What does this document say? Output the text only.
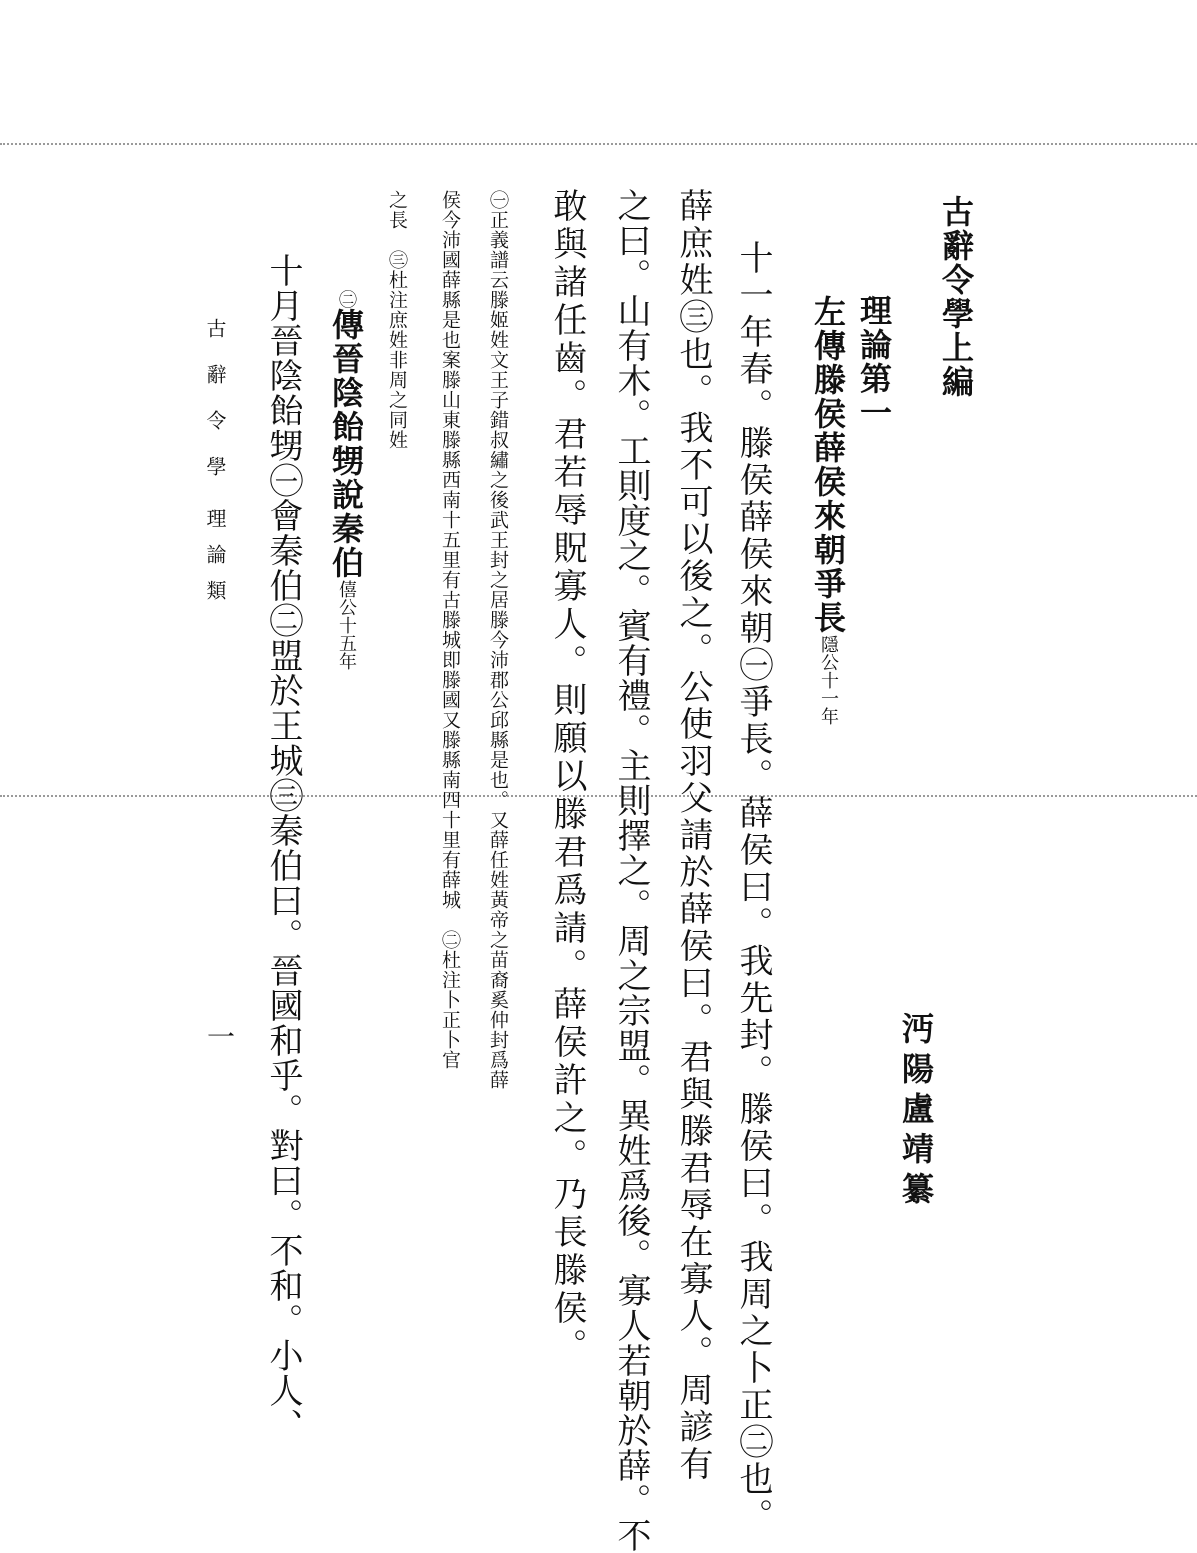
古辭令學上編
沔陽盧靖纂
理論第一
左傳滕侯薛侯來朝爭長隱公十一年
十一年春。滕侯薛侯來朝㊀爭長。薛侯曰。我先封。滕侯曰。我周之卜正㊁也。
薛庶姓㊂也。我不可以後之。公使羽父請於薛侯曰。君與滕君辱在寡人。周諺有
之曰。山有木。工則度之。賓有禮。主則擇之。周之宗盟。異姓爲後。寡人若朝於薛。不
敢與諸任齒。君若辱貺寡人。則願以滕君爲請。薛侯許之。乃長滕侯。
㊀正義譜云滕姬姓文王子錯叔繡之後武王封之居滕今沛郡公邱縣是也。又薛任姓黃帝之苗裔奚仲封爲薛
侯今沛國薛縣是也案滕山東滕縣西南十五里有古滕城即滕國又滕縣南四十里有薛城　㊁杜注卜正卜官
之長　㊂杜注庶姓非周之同姓
㊁傳晉陰飴甥說秦伯僖公十五年
十月晉陰飴甥㊀會秦伯㊁盟於王城㊂秦伯曰。晉國和乎。對曰。不和。小人、
古辭令學
理論類
一
